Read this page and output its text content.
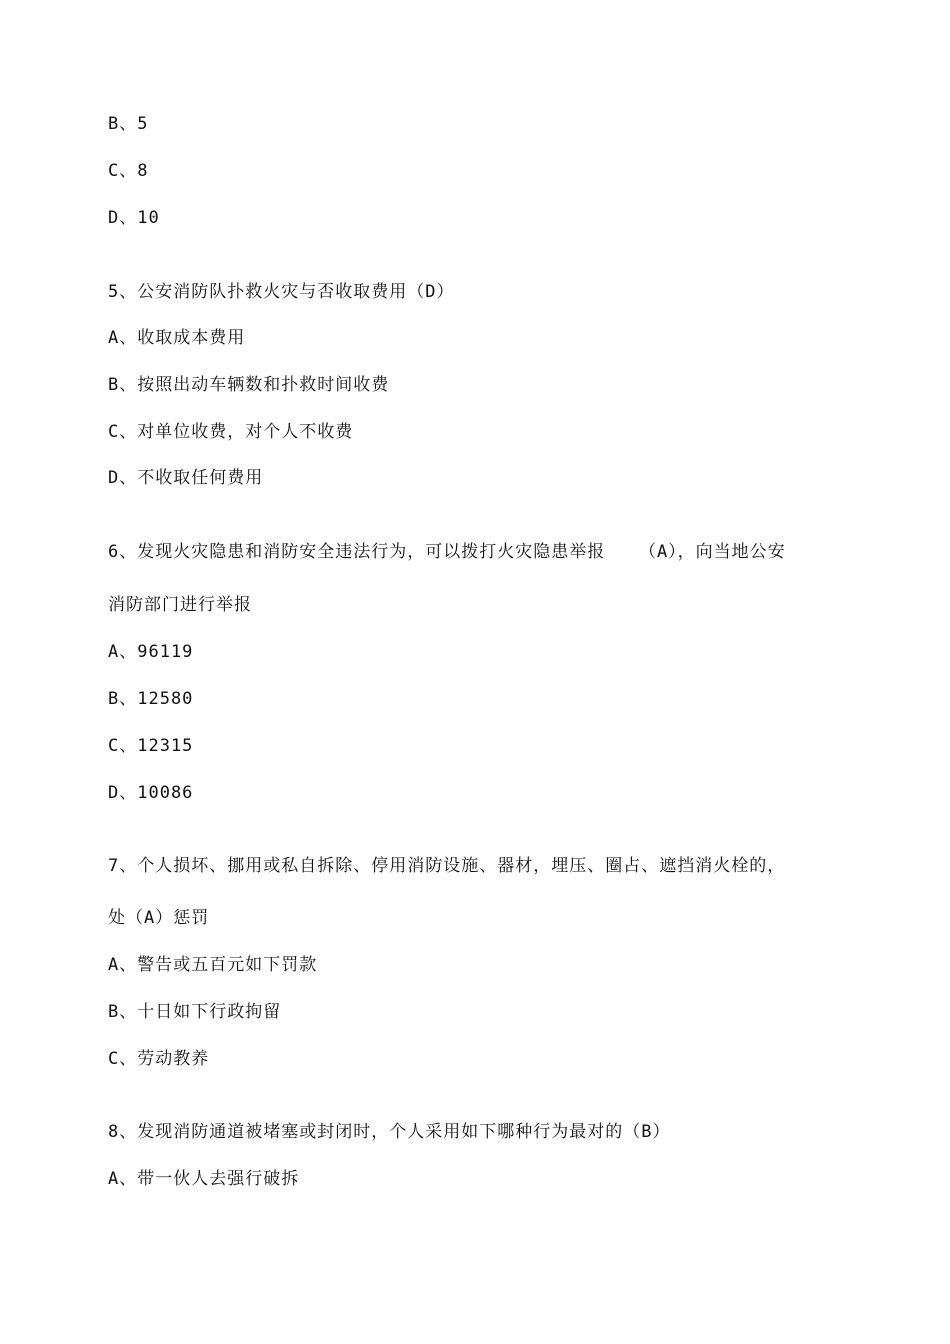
B、5
C、8
D、10
5、公安消防队扑救火灾与否收取费用（D）
A、收取成本费用
B、按照出动车辆数和扑救时间收费
C、对单位收费，对个人不收费
D、不收取任何费用
6、发现火灾隐患和消防安全违法行为，可以拨打火灾隐患举报   （A），向当地公安
消防部门进行举报
A、96119
B、12580
C、12315
D、10086
7、个人损坏、挪用或私自拆除、停用消防设施、器材，埋压、圈占、遮挡消火栓的，
处（A）惩罚
A、警告或五百元如下罚款
B、十日如下行政拘留
C、劳动教养
8、发现消防通道被堵塞或封闭时，个人采用如下哪种行为最对的（B）
A、带一伙人去强行破拆
